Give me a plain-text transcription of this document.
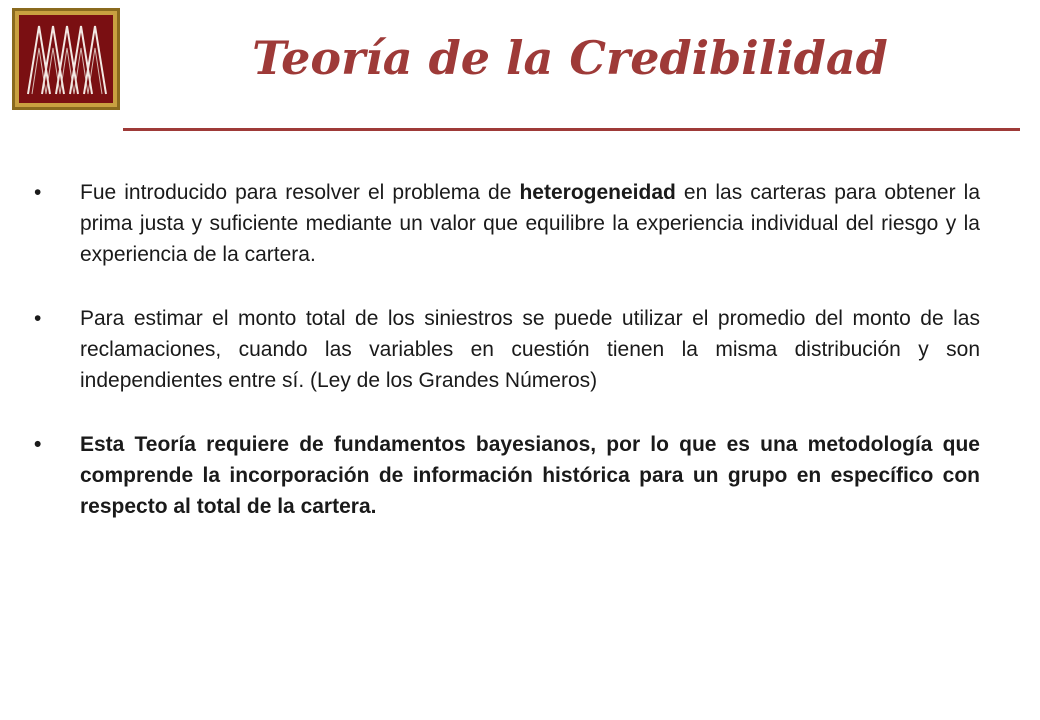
Teoría de la Credibilidad
• Fue introducido para resolver el problema de heterogeneidad en las carteras para obtener la prima justa y suficiente mediante un valor que equilibre la experiencia individual del riesgo y la experiencia de la cartera.
• Para estimar el monto total de los siniestros se puede utilizar el promedio del monto de las reclamaciones, cuando las variables en cuestión tienen la misma distribución y son independientes entre sí. (Ley de los Grandes Números)
• Esta Teoría requiere de fundamentos bayesianos, por lo que es una metodología que comprende la incorporación de información histórica para un grupo en específico con respecto al total de la cartera.
